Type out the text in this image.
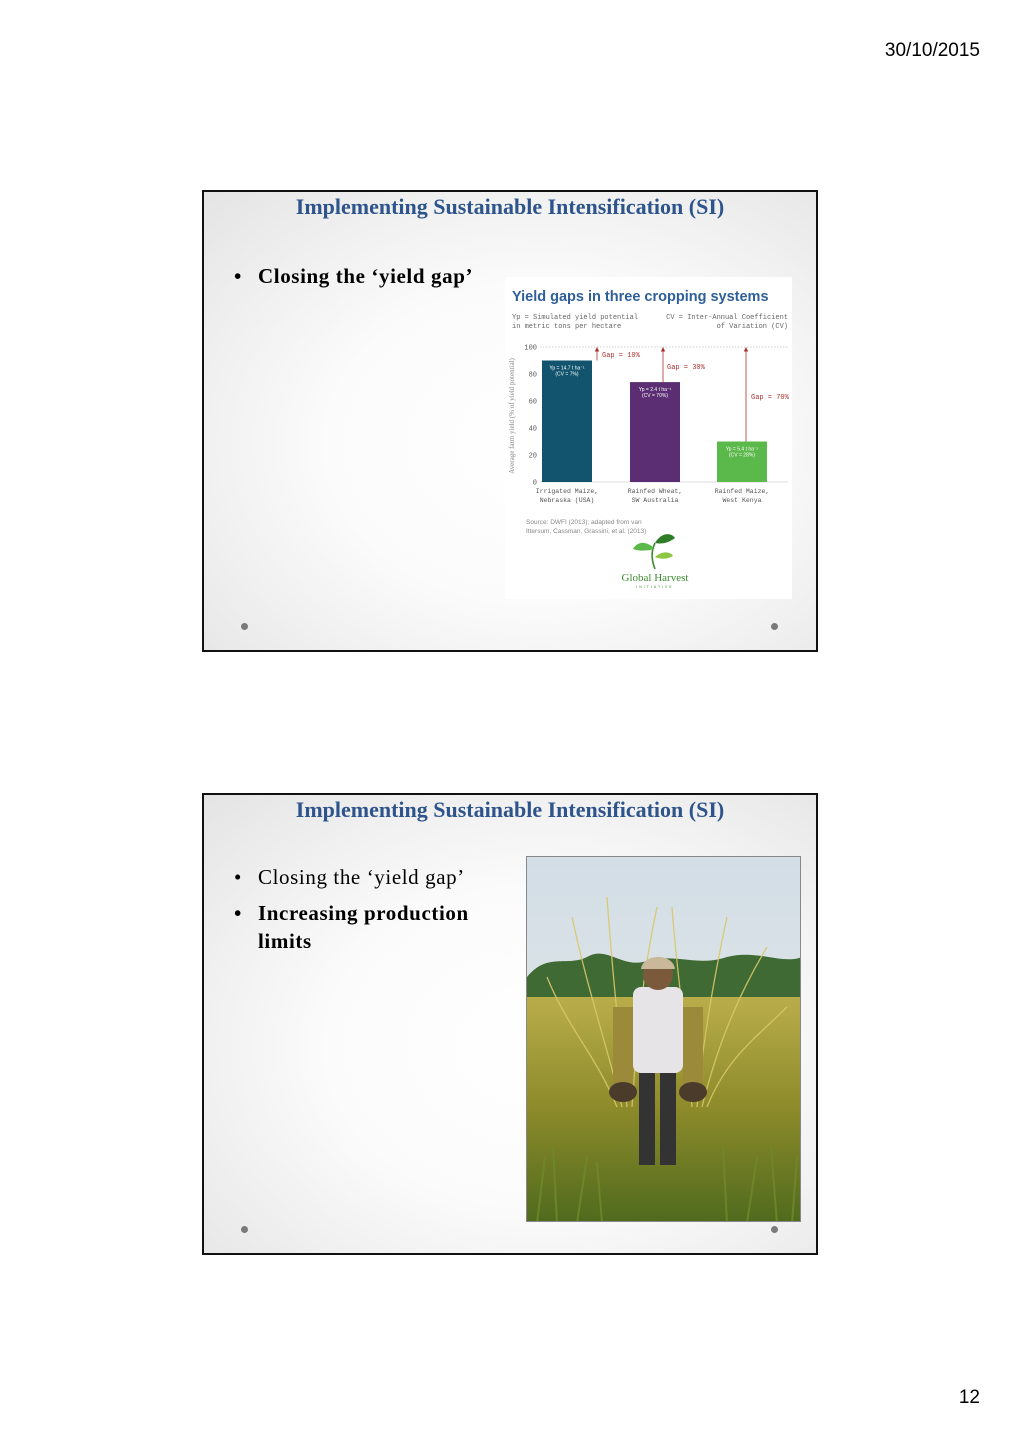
30/10/2015
Implementing Sustainable Intensification (SI)
• Closing the ‘yield gap’
Yield gaps in three cropping systems
Yp = Simulated yield potential
in metric tons per hectare
CV = Inter-Annual Coefficient
of Variation (CV)
Average farm yield (% of yield potential)
0
20
40
60
80
100
Yp = 14.7 t ha⁻¹
(CV = 7%)
Gap = 10%
Irrigated Maize,
Nebraska (USA)
Yp = 2.4 t ha⁻¹
(CV = 70%)
Gap = 30%
Rainfed Wheat,
SW Australia
Yp = 5.4 t ha⁻¹
(CV = 28%)
Gap = 70%
Rainfed Maize,
West Kenya
Source: DWFI (2013); adapted from van
Ittersum, Cassman, Grassini, et al. (2013)
Global Harvest
INITIATIVE
Implementing Sustainable Intensification (SI)
• Closing the ‘yield gap’
• Increasing production limits
12
